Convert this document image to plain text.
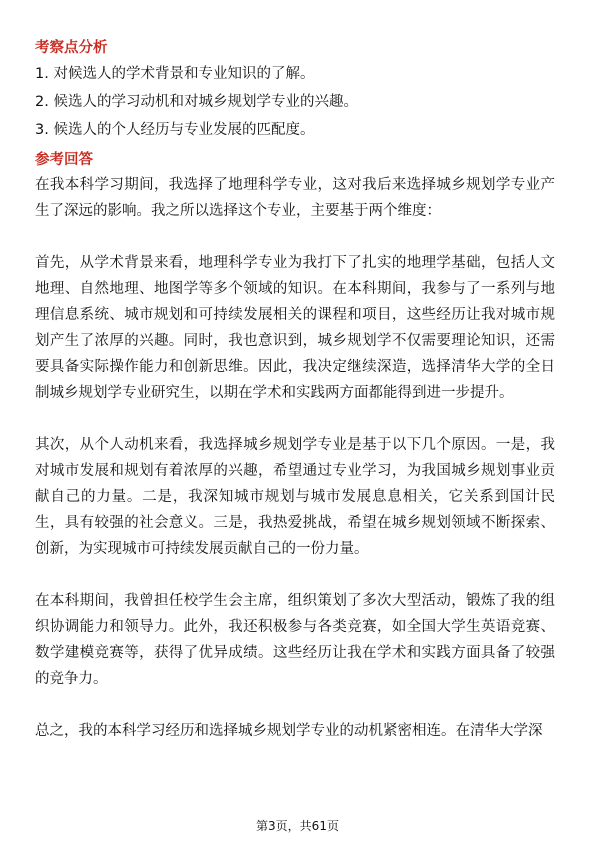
考察点分析
1. 对候选人的学术背景和专业知识的了解。
2. 候选人的学习动机和对城乡规划学专业的兴趣。
3. 候选人的个人经历与专业发展的匹配度。
参考回答

在我本科学习期间，我选择了地理科学专业，这对我后来选择城乡规划学专业产生了深远的影响。我之所以选择这个专业，主要基于两个维度：

首先，从学术背景来看，地理科学专业为我打下了扎实的地理学基础，包括人文地理、自然地理、地图学等多个领域的知识。在本科期间，我参与了一系列与地理信息系统、城市规划和可持续发展相关的课程和项目，这些经历让我对城市规划产生了浓厚的兴趣。同时，我也意识到，城乡规划学不仅需要理论知识，还需要具备实际操作能力和创新思维。因此，我决定继续深造，选择清华大学的全日制城乡规划学专业研究生，以期在学术和实践两方面都能得到进一步提升。

其次，从个人动机来看，我选择城乡规划学专业是基于以下几个原因。一是，我对城市发展和规划有着浓厚的兴趣，希望通过专业学习，为我国城乡规划事业贡献自己的力量。二是，我深知城市规划与城市发展息息相关，它关系到国计民生，具有较强的社会意义。三是，我热爱挑战，希望在城乡规划领域不断探索、创新，为实现城市可持续发展贡献自己的一份力量。

在本科期间，我曾担任校学生会主席，组织策划了多次大型活动，锻炼了我的组织协调能力和领导力。此外，我还积极参与各类竞赛，如全国大学生英语竞赛、数学建模竞赛等，获得了优异成绩。这些经历让我在学术和实践方面具备了较强的竞争力。

总之，我的本科学习经历和选择城乡规划学专业的动机紧密相连。在清华大学深

第3页，共61页
